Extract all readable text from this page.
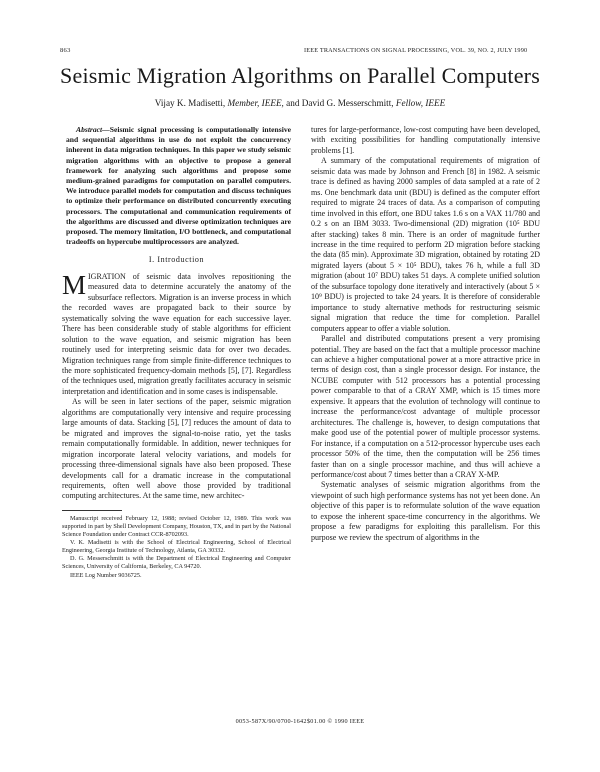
863	IEEE TRANSACTIONS ON SIGNAL PROCESSING, VOL. 39, NO. 2, JULY 1990
Seismic Migration Algorithms on Parallel Computers
Vijay K. Madisetti, Member, IEEE, and David G. Messerschmitt, Fellow, IEEE

Abstract—Seismic signal processing is computationally intensive and sequential algorithms in use do not exploit the concurrency inherent in data migration techniques. In this paper we study seismic migration algorithms with an objective to propose a general framework for analyzing such algorithms and propose some medium-grained paradigms for computation on parallel computers. We introduce parallel models for computation and discuss techniques to optimize their performance on distributed concurrently executing processors. The computational and communication requirements of the algorithms are discussed and diverse optimization techniques are proposed. The memory limitation, I/O bottleneck, and computational tradeoffs on hypercube multiprocessors are analyzed.

I. Introduction

MIGRATION of seismic data involves repositioning the measured data to determine accurately the anatomy of the subsurface reflectors. Migration is an inverse process in which the recorded waves are propagated back to their source by systematically solving the wave equation for each successive layer. There has been considerable study of stable algorithms for efficient solution to the wave equation, and seismic migration has been routinely used for interpreting seismic data for over two decades. Migration techniques range from simple finite-difference techniques to the more sophisticated frequency-domain methods [5], [7]. Regardless of the techniques used, migration greatly facilitates accuracy in seismic interpretation and identification and in some cases is indispensable.

As will be seen in later sections of the paper, seismic migration algorithms are computationally very intensive and require processing large amounts of data. Stacking [5], [7] reduces the amount of data to be migrated and improves the signal-to-noise ratio, yet the tasks remain computationally formidable. In addition, newer techniques for migration incorporate lateral velocity variations, and models for processing three-dimensional signals have also been proposed. These developments call for a dramatic increase in the computational requirements, often well above those provided by traditional computing architectures. At the same time, new architec-

Manuscript received February 12, 1988; revised October 12, 1989. This work was supported in part by Shell Development Company, Houston, TX, and in part by the National Science Foundation under Contract CCR-8702093.

V. K. Madisetti is with the School of Electrical Engineering, School of Electrical Engineering, Georgia Institute of Technology, Atlanta, GA 30332.

D. G. Messerschmitt is with the Department of Electrical Engineering and Computer Sciences, University of California, Berkeley, CA 94720.

IEEE Log Number 9036725.

tures for large-performance, low-cost computing have been developed, with exciting possibilities for handling computationally intensive problems [1].

A summary of the computational requirements of migration of seismic data was made by Johnson and French [8] in 1982. A seismic trace is defined as having 2000 samples of data sampled at a rate of 2 ms. One benchmark data unit (BDU) is defined as the computer effort required to migrate 24 traces of data. As a comparison of computing time involved in this effort, one BDU takes 1.6 s on a VAX 11/780 and 0.2 s on an IBM 3033. Two-dimensional (2D) migration (10⁵ BDU after stacking) takes 8 min. There is an order of magnitude further increase in the time required to perform 2D migration before stacking the data (85 min). Approximate 3D migration, obtained by rotating 2D migrated layers (about 5 × 10⁵ BDU), takes 76 h, while a full 3D migration (about 10⁷ BDU) takes 51 days. A complete unified solution of the subsurface topology done iteratively and interactively (about 5 × 10⁹ BDU) is projected to take 24 years. It is therefore of considerable importance to study alternative methods for restructuring seismic signal migration that reduce the time for completion. Parallel computers appear to offer a viable solution.

Parallel and distributed computations present a very promising potential. They are based on the fact that a multiple processor machine can achieve a higher computational power at a more attractive price in terms of design cost, than a single processor design. For instance, the NCUBE computer with 512 processors has a potential processing power comparable to that of a CRAY XMP, which is 15 times more expensive. It appears that the evolution of technology will continue to increase the performance/cost advantage of multiple processor architectures. The challenge is, however, to design computations that make good use of the potential power of multiple processor systems. For instance, if a computation on a 512-processor hypercube uses each processor 50% of the time, then the computation will be 256 times faster than on a single processor machine, and thus will achieve a performance/cost about 7 times better than a CRAY X-MP.

Systematic analyses of seismic migration algorithms from the viewpoint of such high performance systems has not yet been done. An objective of this paper is to reformulate solution of the wave equation to expose the inherent space-time concurrency in the algorithms. We propose a few paradigms for exploiting this parallelism. For this purpose we review the spectrum of algorithms in the

0053-587X/90/0700-1642$01.00 © 1990 IEEE
